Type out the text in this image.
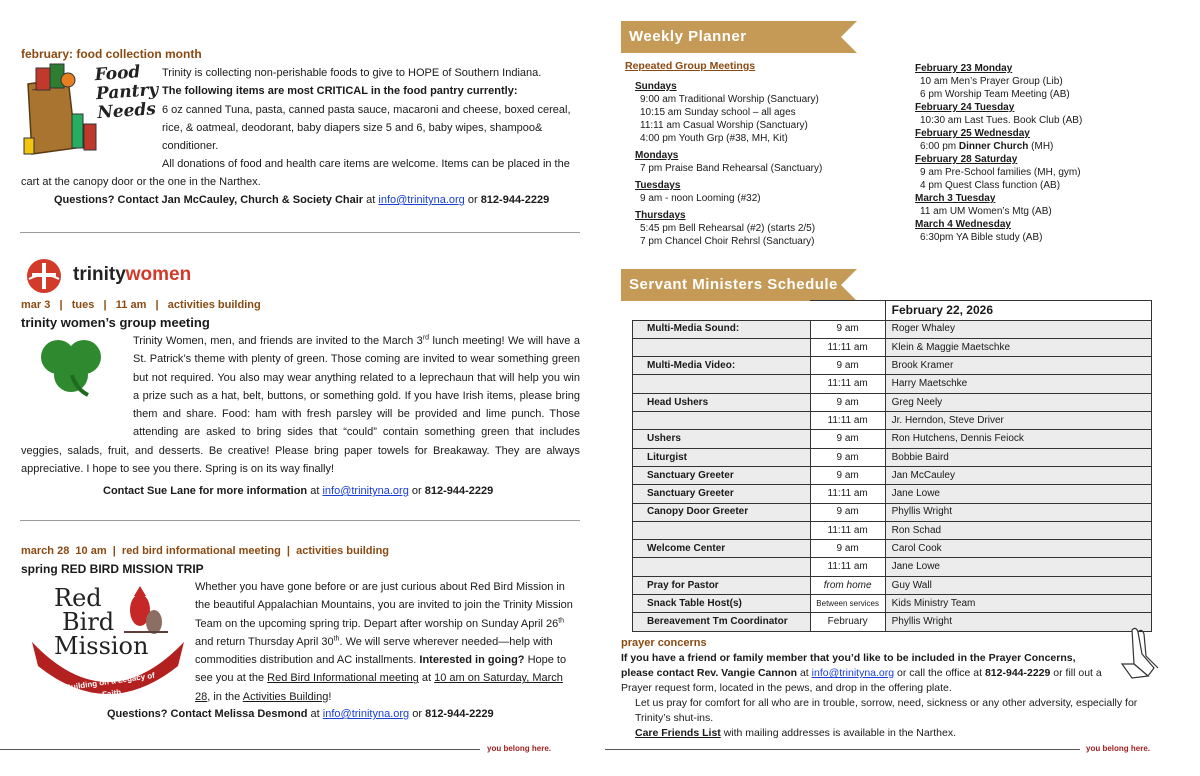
february: food collection month
Food
Pantry
Needs
Trinity is collecting non-perishable foods to give to HOPE of Southern Indiana.
The following items are most CRITICAL in the food pantry currently:
6 oz canned Tuna, pasta, canned pasta sauce, macaroni and cheese, boxed cereal, rice, & oatmeal, deodorant, baby diapers size 5 and 6, baby wipes, shampoo& conditioner.
All donations of food and health care items are welcome. Items can be placed in the cart at the canopy door or the one in the Narthex.
Questions? Contact Jan McCauley, Church & Society Chair at info@trinityna.org or 812-944-2229
trinitywomen
mar 3   |   tues   |   11 am   |   activities building
trinity women’s group meeting
Trinity Women, men, and friends are invited to the March 3rd lunch meeting! We will have a St. Patrick’s theme with plenty of green. Those coming are invited to wear something green but not required. You also may wear anything related to a leprechaun that will help you win a prize such as a hat, belt, buttons, or something gold. If you have Irish items, please bring them and share. Food: ham with fresh parsley will be provided and lime punch. Those attending are asked to bring sides that “could” contain something green that includes veggies, salads, fruit, and desserts. Be creative! Please bring paper towels for Breakaway. They are always appreciative. I hope to see you there. Spring is on its way finally!
Contact Sue Lane for more information at info@trinityna.org or 812-944-2229
march 28  10 am  |  red bird informational meeting  |  activities building
spring RED BIRD MISSION TRIP
Red
Bird
Mission
Building on a Legacy of Faith
Whether you have gone before or are just curious about Red Bird Mission in the beautiful Appalachian Mountains, you are invited to join the Trinity Mission Team on the upcoming spring trip. Depart after worship on Sunday April 26th and return Thursday April 30th. We will serve wherever needed—help with commodities distribution and AC installments. Interested in going? Hope to see you at the Red Bird Informational meeting at 10 am on Saturday, March 28, in the Activities Building!
Questions? Contact Melissa Desmond at info@trinityna.org or 812-944-2229
you belong here.
Weekly Planner
Repeated Group Meetings
Sundays
9:00 am Traditional Worship (Sanctuary)
10:15 am Sunday school – all ages
11:11 am Casual Worship (Sanctuary)
4:00 pm Youth Grp (#38, MH, Kit)
Mondays
7 pm Praise Band Rehearsal (Sanctuary)
Tuesdays
9 am - noon Looming (#32)
Thursdays
5:45 pm Bell Rehearsal (#2) (starts 2/5)
7 pm Chancel Choir Rehrsl (Sanctuary)
February 23 Monday
10 am Men’s Prayer Group (Lib)
6 pm Worship Team Meeting (AB)
February 24 Tuesday
10:30 am Last Tues. Book Club (AB)
February 25 Wednesday
6:00 pm Dinner Church (MH)
February 28 Saturday
9 am Pre-School families (MH, gym)
4 pm Quest Class function (AB)
March 3 Tuesday
11 am UM Women’s Mtg (AB)
March 4 Wednesday
6:30pm YA Bible study (AB)
Servant Ministers Schedule
		February 22, 2026
Multi-Media Sound:	9 am	Roger Whaley
	11:11 am	Klein & Maggie Maetschke
Multi-Media Video:	9 am	Brook Kramer
	11:11 am	Harry Maetschke
Head Ushers	9 am	Greg Neely
	11:11 am	Jr. Herndon, Steve Driver
Ushers	9 am	Ron Hutchens, Dennis Feiock
Liturgist	9 am	Bobbie Baird
Sanctuary Greeter	9 am	Jan McCauley
Sanctuary Greeter	11:11 am	Jane Lowe
Canopy Door Greeter	9 am	Phyllis Wright
	11:11 am	Ron Schad
Welcome Center	9 am	Carol Cook
	11:11 am	Jane Lowe
Pray for Pastor	from home	Guy Wall
Snack Table Host(s)	Between services	Kids Ministry Team
Bereavement Tm Coordinator	February	Phyllis Wright
prayer concerns
If you have a friend or family member that you’d like to be included in the Prayer Concerns, please contact Rev. Vangie Cannon at info@trinityna.org or call the office at 812-944-2229 or fill out a Prayer request form, located in the pews, and drop in the offering plate.
Let us pray for comfort for all who are in trouble, sorrow, need, sickness or any other adversity, especially for Trinity’s shut-ins.
Care Friends List with mailing addresses is available in the Narthex.
you belong here.
